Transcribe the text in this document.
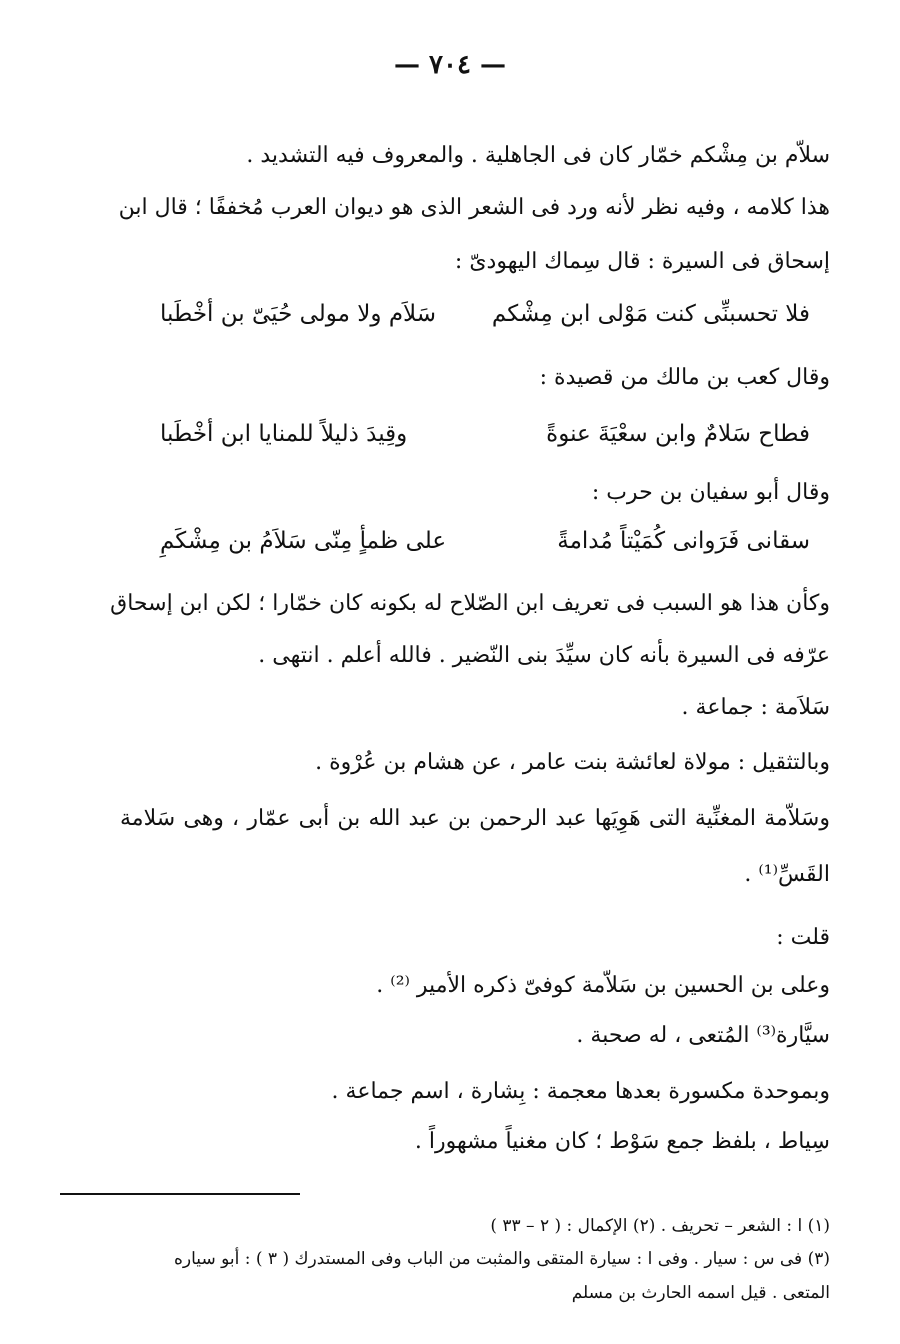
— ٧٠٤ —
سلاّم بن مِشْكم خمّار كان فى الجاهلية . والمعروف فيه التشديد .
هذا كلامه ، وفيه نظر لأنه ورد فى الشعر الذى هو ديوان العرب مُخففًا ؛ قال ابن
إسحاق فى السيرة : قال سِماك اليهودىّ :
فلا تحسبنِّى كنت مَوْلى ابن مِشْكم
سَلاَم ولا مولى حُيَىّ بن أخْطَبا
وقال كعب بن مالك من قصيدة :
فطاح سَلامٌ وابن سعْيَةَ عنوةً
وقِيدَ ذليلاً للمنايا ابن أخْطَبا
وقال أبو سفيان بن حرب :
سقانى فَرَوانى كُمَيْتاً مُدامةً
على ظمأٍ مِنّى سَلاَمُ بن مِشْكَمِ
وكأن هذا هو السبب فى تعريف ابن الصّلاح له بكونه كان خمّارا ؛ لكن ابن إسحاق
عرّفه فى السيرة بأنه كان سيِّدَ بنى النّضير . فالله أعلم . انتهى .
سَلاَمة : جماعة .
وبالتثقيل : مولاة لعائشة بنت عامر ، عن هشام بن عُرْوة .
وسَلاّمة المغنِّية التى هَوِيَها عبد الرحمن بن عبد الله بن أبى عمّار ، وهى سَلامة
القَسِّ⁽¹⁾ .
قلت :
وعلى بن الحسين بن سَلاّمة كوفىّ ذكره الأمير ⁽²⁾ .
سيَّارة⁽³⁾ المُتعى ، له صحبة .
وبموحدة مكسورة بعدها معجمة : بِشارة ، اسم جماعة .
سِياط ، بلفظ جمع سَوْط ؛ كان مغنياً مشهوراً .
(١) ا : الشعر – تحريف . (٢) الإكمال : ( ٢ – ٣٣ )
(٣) فى س : سيار . وفى ا : سيارة المتقى والمثبت من الباب وفى المستدرك ( ٣ ) : أبو سياره
المتعى . قيل اسمه الحارث بن مسلم
